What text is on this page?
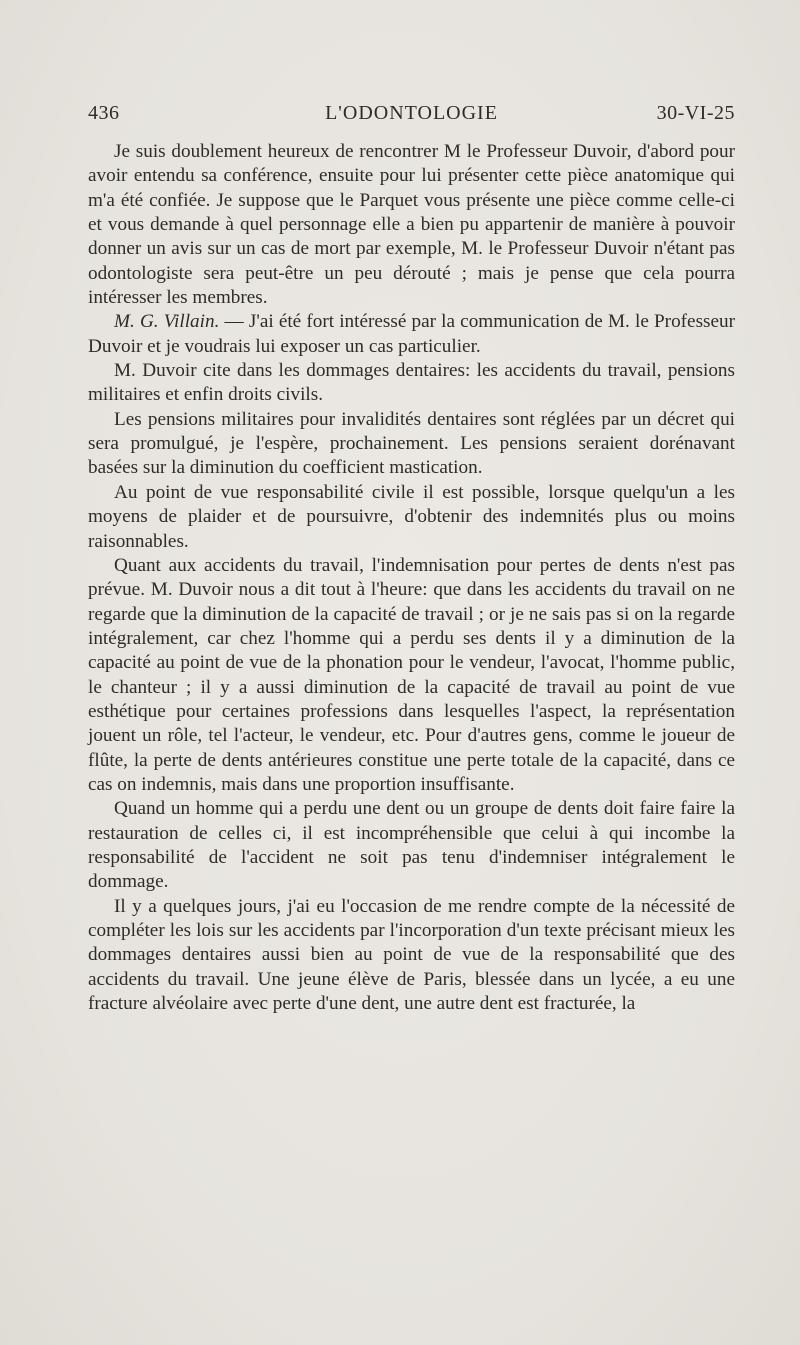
436	L'ODONTOLOGIE	30-VI-25

Je suis doublement heureux de rencontrer M le Professeur Duvoir, d'abord pour avoir entendu sa conférence, ensuite pour lui présenter cette pièce anatomique qui m'a été confiée. Je suppose que le Parquet vous présente une pièce comme celle-ci et vous demande à quel personnage elle a bien pu appartenir de manière à pouvoir donner un avis sur un cas de mort par exemple, M. le Professeur Duvoir n'étant pas odontologiste sera peut-être un peu dérouté ; mais je pense que cela pourra intéresser les membres.

M. G. Villain. — J'ai été fort intéressé par la communication de M. le Professeur Duvoir et je voudrais lui exposer un cas particulier.

M. Duvoir cite dans les dommages dentaires: les accidents du travail, pensions militaires et enfin droits civils.

Les pensions militaires pour invalidités dentaires sont réglées par un décret qui sera promulgué, je l'espère, prochainement. Les pensions seraient dorénavant basées sur la diminution du coefficient mastication.

Au point de vue responsabilité civile il est possible, lorsque quelqu'un a les moyens de plaider et de poursuivre, d'obtenir des indemnités plus ou moins raisonnables.

Quant aux accidents du travail, l'indemnisation pour pertes de dents n'est pas prévue. M. Duvoir nous a dit tout à l'heure: que dans les accidents du travail on ne regarde que la diminution de la capacité de travail ; or je ne sais pas si on la regarde intégralement, car chez l'homme qui a perdu ses dents il y a diminution de la capacité au point de vue de la phonation pour le vendeur, l'avocat, l'homme public, le chanteur ; il y a aussi diminution de la capacité de travail au point de vue esthétique pour certaines professions dans lesquelles l'aspect, la représentation jouent un rôle, tel l'acteur, le vendeur, etc. Pour d'autres gens, comme le joueur de flûte, la perte de dents antérieures constitue une perte totale de la capacité, dans ce cas on indemnis, mais dans une proportion insuffisante.

Quand un homme qui a perdu une dent ou un groupe de dents doit faire faire la restauration de celles ci, il est incompréhensible que celui à qui incombe la responsabilité de l'accident ne soit pas tenu d'indemniser intégralement le dommage.

Il y a quelques jours, j'ai eu l'occasion de me rendre compte de la nécessité de compléter les lois sur les accidents par l'incorporation d'un texte précisant mieux les dommages dentaires aussi bien au point de vue de la responsabilité que des accidents du travail. Une jeune élève de Paris, blessée dans un lycée, a eu une fracture alvéolaire avec perte d'une dent, une autre dent est fracturée, la
